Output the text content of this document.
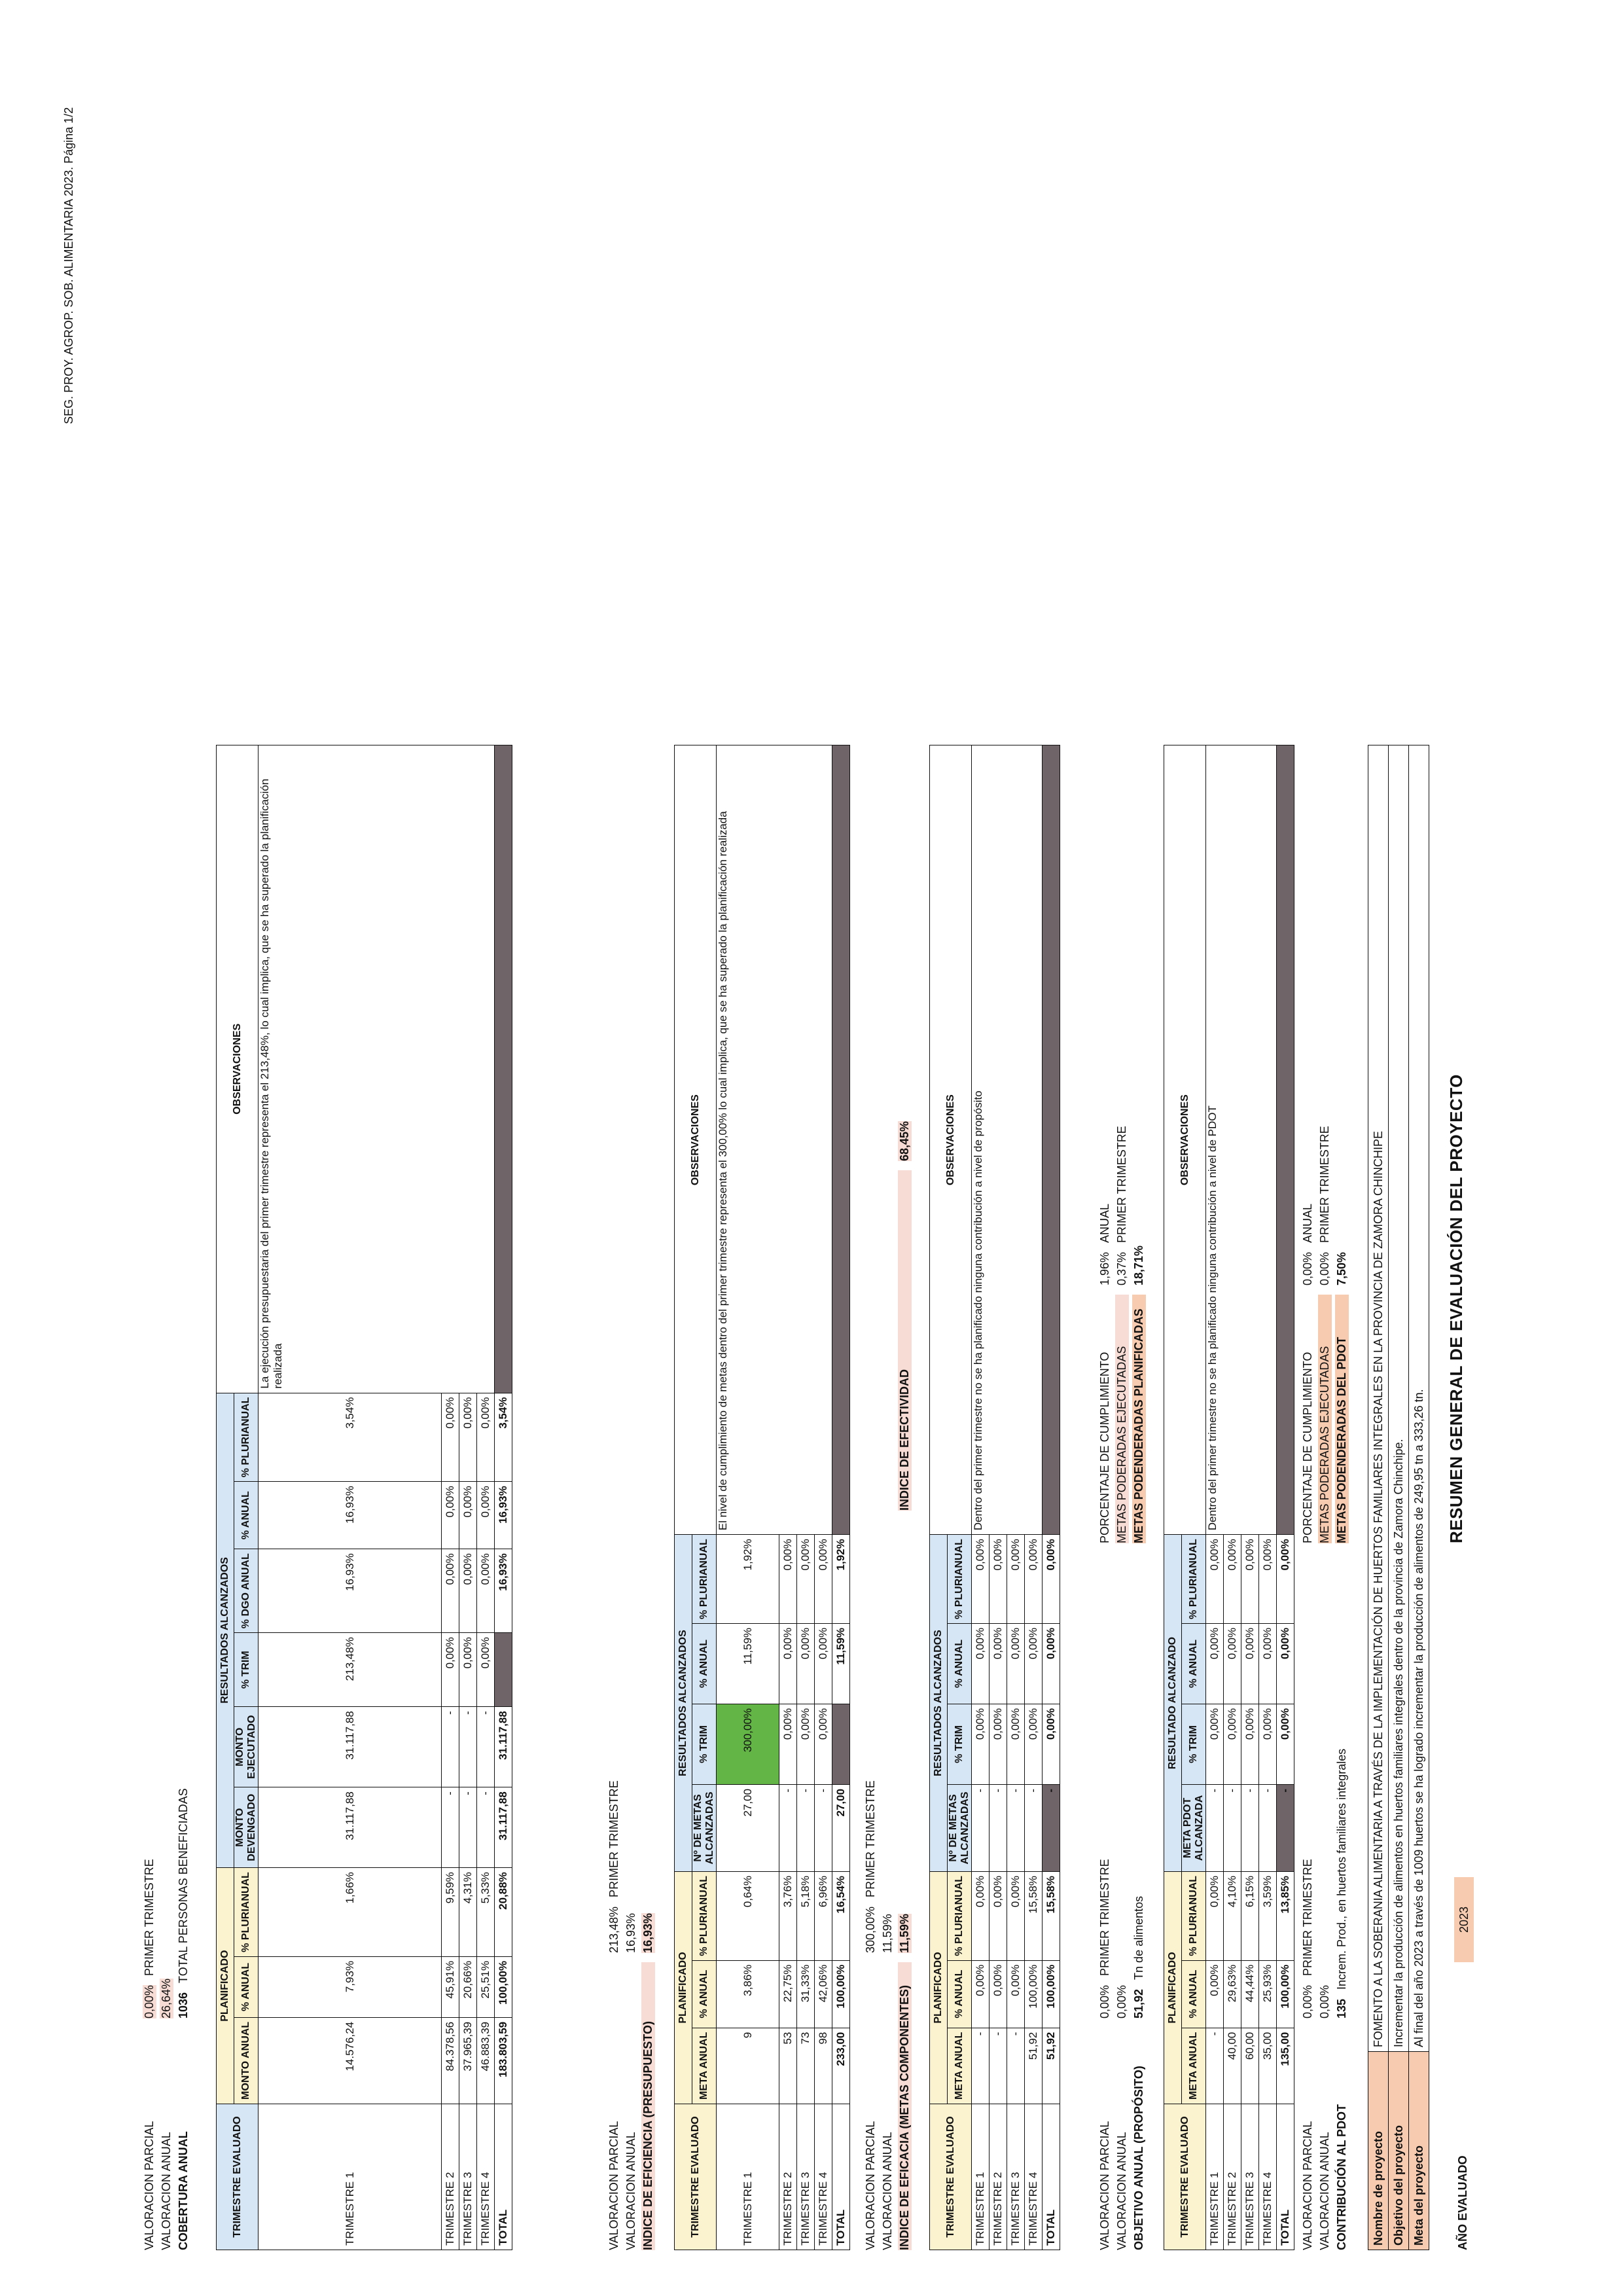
RESUMEN GENERAL DE EVALUACIÓN DEL PROYECTO
AÑO EVALUADO
2023
Nombre de proyecto	FOMENTO A LA SOBERANIA ALIMENTARIA A TRAVÉS DE LA IMPLEMENTACIÓN DE HUERTOS FAMILIARES INTEGRALES EN LA PROVINCIA DE ZAMORA CHINCHIPE
Objetivo del proyecto	Incrementar la producción de alimentos en huertos familiares integrales dentro de la provincia de Zamora Chinchipe.
Meta del proyecto	Al final del año 2023 a través de 1009 huertos se ha logrado incrementar la producción de alimentos de 249,95 tn a 333,26 tn.
CONTRIBUCIÓN AL PDOT
135
Increm. Prod., en huertos familiares integrales
VALORACION ANUAL
0,00%
VALORACION PARCIAL
0,00%
PRIMER TRIMESTRE
METAS PODENDERADAS DEL PDOT
7,50%
METAS PODERADAS EJECUTADAS
0,00%
PRIMER TRIMESTRE
PORCENTAJE DE CUMPLIMIENTO
0,00%
ANUAL
TRIMESTRE EVALUADO	PLANIFICADO			RESULTADO ALCANZADO				OBSERVACIONES
	META ANUAL	% ANUAL	% PLURIANUAL	META PDOT ALCANZADA	% TRIM	% ANUAL	% PLURIANUAL	
TRIMESTRE 1	-	0,00%	0,00%	-	0,00%	0,00%	0,00%	Dentro del primer trimestre no se ha planificado ninguna contribución a nivel de PDOT
TRIMESTRE 2	40,00	29,63%	4,10%	-	0,00%	0,00%	0,00%	
TRIMESTRE 3	60,00	44,44%	6,15%	-	0,00%	0,00%	0,00%	
TRIMESTRE 4	35,00	25,93%	3,59%	-	0,00%	0,00%	0,00%	
TOTAL	135,00	100,00%	13,85%	-	0,00%	0,00%	0,00%	
OBJETIVO ANUAL (PROPÓSITO)
51,92
Tn de alimentos
VALORACION ANUAL
0,00%
VALORACION PARCIAL
0,00%
PRIMER TRIMESTRE
METAS PODENDERADAS PLANIFICADAS
18,71%
METAS PODERADAS EJECUTADAS
0,37%
PRIMER TRIMESTRE
PORCENTAJE DE CUMPLIMIENTO
1,96%
ANUAL
TRIMESTRE EVALUADO	PLANIFICADO			RESULTADOS ALCANZADOS				OBSERVACIONES
	META ANUAL	% ANUAL	% PLURIANUAL	Nº DE METAS ALCANZADAS	% TRIM	% ANUAL	% PLURIANUAL	
TRIMESTRE 1	-	0,00%	0,00%	-	0,00%	0,00%	0,00%	Dentro del primer trimestre no se ha planificado ninguna contribución a nivel de propósito
TRIMESTRE 2	-	0,00%	0,00%	-	0,00%	0,00%	0,00%	
TRIMESTRE 3	-	0,00%	0,00%	-	0,00%	0,00%	0,00%	
TRIMESTRE 4	51,92	100,00%	15,58%	-	0,00%	0,00%	0,00%	
TOTAL	51,92	100,00%	15,58%	-	0,00%	0,00%	0,00%	
INDICE DE EFICACIA (METAS COMPONENTES)
11,59%
VALORACION ANUAL
11,59%
VALORACION PARCIAL
300,00%
PRIMER TRIMESTRE
INDICE DE EFECTIVIDAD
68,45%
TRIMESTRE EVALUADO	PLANIFICADO			RESULTADOS ALCANZADOS				OBSERVACIONES
	META ANUAL	% ANUAL	% PLURIANUAL	Nº DE METAS ALCANZADAS	% TRIM	% ANUAL	% PLURIANUAL	
TRIMESTRE 1	9	3,86%	0,64%	27,00	300,00%	11,59%	1,92%	El nivel de cumplimiento de metas dentro del primer trimestre representa el 300,00% lo cual implica, que se ha superado la planificación realizada
TRIMESTRE 2	53	22,75%	3,76%	-	0,00%	0,00%	0,00%	
TRIMESTRE 3	73	31,33%	5,18%	-	0,00%	0,00%	0,00%	
TRIMESTRE 4	98	42,06%	6,96%	-	0,00%	0,00%	0,00%	
TOTAL	233,00	100,00%	16,54%	27,00		11,59%	1,92%	
INDICE DE EFICIENCIA (PRESUPUESTO)
16,93%
VALORACION ANUAL
16,93%
VALORACION PARCIAL
213,48%
PRIMER TRIMESTRE
TRIMESTRE EVALUADO	PLANIFICADO			RESULTADOS ALCANZADOS						OBSERVACIONES
	MONTO ANUAL	% ANUAL	% PLURIANUAL	MONTO DEVENGADO	MONTO EJECUTADO	% TRIM	% DGO ANUAL	% ANUAL	% PLURIANUAL	
TRIMESTRE 1	14.576,24	7,93%	1,66%	31.117,88	31.117,88	213,48%	16,93%	16,93%	3,54%	La ejecución presupuestaria del primer trimestre representa el 213,48%, lo cual implica, que se ha superado la planificación realizada
TRIMESTRE 2	84.378,56	45,91%	9,59%	-	-	0,00%	0,00%	0,00%	0,00%	
TRIMESTRE 3	37.965,39	20,66%	4,31%	-	-	0,00%	0,00%	0,00%	0,00%	
TRIMESTRE 4	46.883,39	25,51%	5,33%	-	-	0,00%	0,00%	0,00%	0,00%	
TOTAL	183.803,59	100,00%	20,88%	31.117,88	31.117,88		16,93%	16,93%	3,54%	
COBERTURA ANUAL
1036
TOTAL PERSONAS BENEFICIADAS
VALORACION ANUAL
26,64%
VALORACION PARCIAL
0,00%
PRIMER TRIMESTRE
SEG. PROY. AGROP. SOB. ALIMENTARIA 2023. Página 1/2
